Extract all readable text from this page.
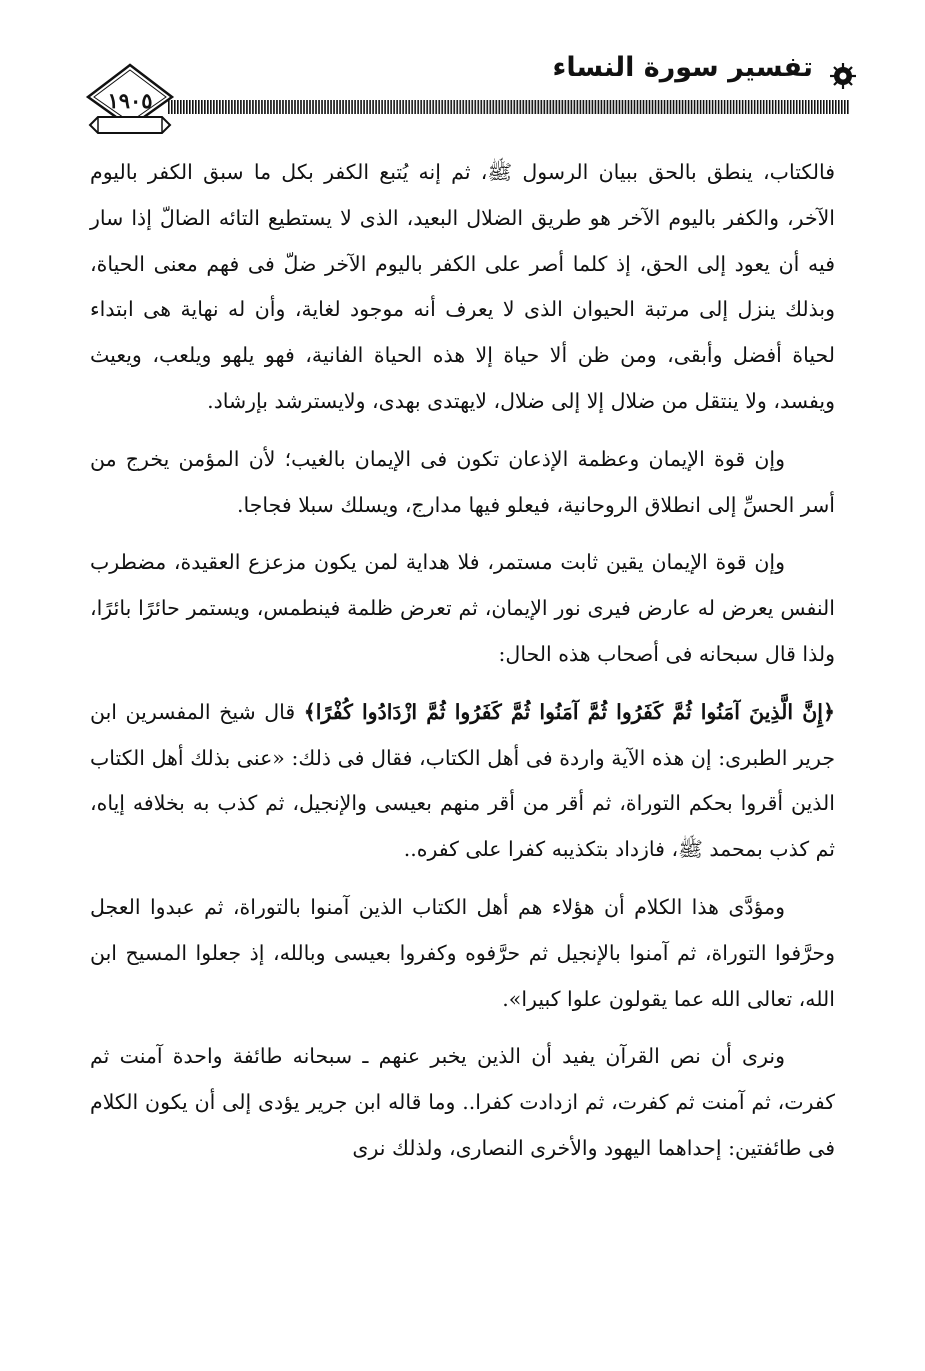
تفسير سورة النساء
١٩٠٥

فالكتاب، ينطق بالحق ببيان الرسول ﷺ، ثم إنه يُتبع الكفر بكل ما سبق الكفر باليوم الآخر، والكفر باليوم الآخر هو طريق الضلال البعيد، الذى لا يستطيع التائه الضالّ إذا سار فيه أن يعود إلى الحق، إذ كلما أصر على الكفر باليوم الآخر ضلّ فى فهم معنى الحياة، وبذلك ينزل إلى مرتبة الحيوان الذى لا يعرف أنه موجود لغاية، وأن له نهاية هى ابتداء لحياة أفضل وأبقى، ومن ظن ألا حياة إلا هذه الحياة الفانية، فهو يلهو ويلعب، ويعيث ويفسد، ولا ينتقل من ضلال إلا إلى ضلال، لايهتدى بهدى، ولايسترشد بإرشاد.

وإن قوة الإيمان وعظمة الإذعان تكون فى الإيمان بالغيب؛ لأن المؤمن يخرج من أسر الحسِّ إلى انطلاق الروحانية، فيعلو فيها مدارج، ويسلك سبلا فجاجا.

وإن قوة الإيمان يقين ثابت مستمر، فلا هداية لمن يكون مزعزع العقيدة، مضطرب النفس يعرض له عارض فيرى نور الإيمان، ثم تعرض ظلمة فينطمس، ويستمر حائرًا بائرًا، ولذا قال سبحانه فى أصحاب هذه الحال:

﴿إِنَّ الَّذِينَ آمَنُوا ثُمَّ كَفَرُوا ثُمَّ آمَنُوا ثُمَّ كَفَرُوا ثُمَّ ازْدَادُوا كُفْرًا﴾ قال شيخ المفسرين ابن جرير الطبرى: إن هذه الآية واردة فى أهل الكتاب، فقال فى ذلك: «عنى بذلك أهل الكتاب الذين أقروا بحكم التوراة، ثم أقر من أقر منهم بعيسى والإنجيل، ثم كذب به بخلافه إياه، ثم كذب بمحمد ﷺ، فازداد بتكذيبه كفرا على كفره..

ومؤدَّى هذا الكلام أن هؤلاء هم أهل الكتاب الذين آمنوا بالتوراة، ثم عبدوا العجل وحرَّفوا التوراة، ثم آمنوا بالإنجيل ثم حرَّفوه وكفروا بعيسى وبالله، إذ جعلوا المسيح ابن الله، تعالى الله عما يقولون علوا كبيرا».

ونرى أن نص القرآن يفيد أن الذين يخبر عنهم ـ سبحانه طائفة واحدة آمنت ثم كفرت، ثم آمنت ثم كفرت، ثم ازدادت كفرا.. وما قاله ابن جرير يؤدى إلى أن يكون الكلام فى طائفتين: إحداهما اليهود والأخرى النصارى، ولذلك نرى
